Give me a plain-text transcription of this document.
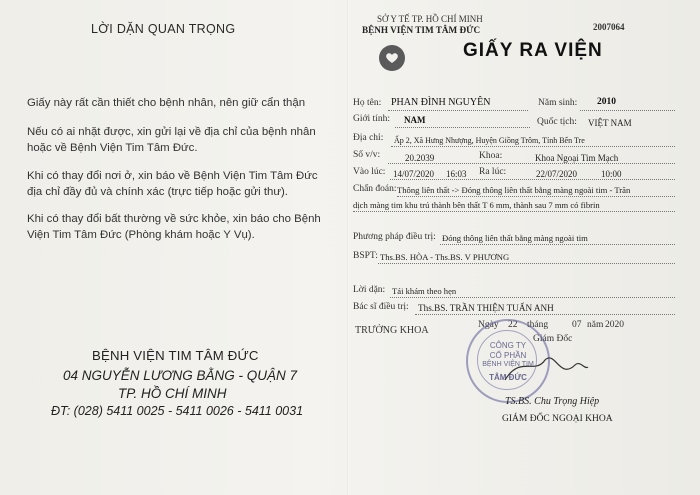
LỜI DẶN QUAN TRỌNG
Giấy này rất cần thiết cho bệnh nhân, nên giữ cẩn thận
Nếu có ai nhặt được, xin gửi lại về địa chỉ của bệnh nhân hoặc về Bệnh Viện Tim Tâm Đức.
Khi có thay đổi nơi ở, xin báo về Bệnh Viện Tim Tâm Đức địa chỉ đầy đủ và chính xác (trực tiếp hoặc gửi thư).
Khi có thay đổi bất thường về sức khỏe, xin báo cho Bệnh Viện Tim Tâm Đức (Phòng khám hoặc Y Vụ).
BỆNH VIỆN TIM TÂM ĐỨC
04 NGUYỄN LƯƠNG BẰNG - QUẬN 7
TP. HỒ CHÍ MINH
ĐT: (028) 5411 0025 - 5411 0026 - 5411 0031
SỞ Y TẾ TP. HỒ CHÍ MINH
BỆNH VIỆN TIM TÂM ĐỨC	2007064
GIẤY RA VIỆN
Họ tên: PHAN ĐÌNH NGUYÊN	Năm sinh: 2010
Giới tính: NAM	Quốc tịch: VIỆT NAM
Địa chỉ: Ấp 2, Xã Hưng Nhượng, Huyện Giồng Trôm, Tỉnh Bến Tre
Số v/v:	20.2039	Khoa:	Khoa Ngoại Tim Mạch
Vào lúc: 14/07/2020 16:03 Ra lúc:	22/07/2020	10:00
Chẩn đoán: Thông liên thất -> Đóng thông liên thất bằng màng ngoài tim - Trăn
dịch màng tim khu trú thành bên thất T 6 mm, thành sau 7 mm có fibrin
Phương pháp điều trị: Đóng thông liên thất bằng màng ngoài tim
BSPT: Ths.BS. HÒA - Ths.BS. V PHƯƠNG
Lời dặn: Tái khám theo hẹn
Bác sĩ điều trị: Ths.BS. TRẦN THIỆN TUẤN ANH
TRƯỞNG KHOA	Ngày 22 tháng	07 năm 2020
Giám Đốc
CÔNG TY
CỔ PHẦN
BỆNH VIỆN TIM
TÂM ĐỨC
TS.BS. Chu Trọng Hiệp
GIÁM ĐỐC NGOẠI KHOA
